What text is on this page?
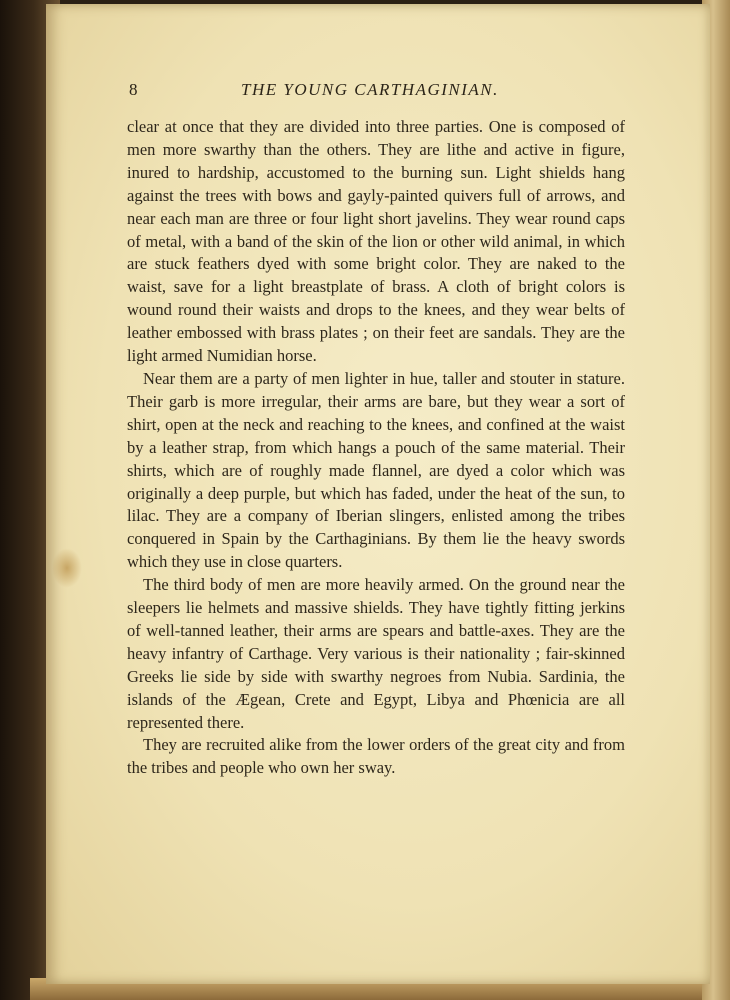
8	THE YOUNG CARTHAGINIAN.

clear at once that they are divided into three parties. One is composed of men more swarthy than the others. They are lithe and active in figure, inured to hardship, accustomed to the burning sun. Light shields hang against the trees with bows and gayly-painted quivers full of arrows, and near each man are three or four light short javelins. They wear round caps of metal, with a band of the skin of the lion or other wild animal, in which are stuck feathers dyed with some bright color. They are naked to the waist, save for a light breastplate of brass. A cloth of bright colors is wound round their waists and drops to the knees, and they wear belts of leather embossed with brass plates ; on their feet are sandals. They are the light armed Numidian horse.

Near them are a party of men lighter in hue, taller and stouter in stature. Their garb is more irregular, their arms are bare, but they wear a sort of shirt, open at the neck and reaching to the knees, and confined at the waist by a leather strap, from which hangs a pouch of the same material. Their shirts, which are of roughly made flannel, are dyed a color which was originally a deep purple, but which has faded, under the heat of the sun, to lilac. They are a company of Iberian slingers, enlisted among the tribes conquered in Spain by the Carthaginians. By them lie the heavy swords which they use in close quarters.

The third body of men are more heavily armed. On the ground near the sleepers lie helmets and massive shields. They have tightly fitting jerkins of well-tanned leather, their arms are spears and battle-axes. They are the heavy infantry of Carthage. Very various is their nationality ; fair-skinned Greeks lie side by side with swarthy negroes from Nubia. Sardinia, the islands of the Ægean, Crete and Egypt, Libya and Phœnicia are all represented there.

They are recruited alike from the lower orders of the great city and from the tribes and people who own her sway.
